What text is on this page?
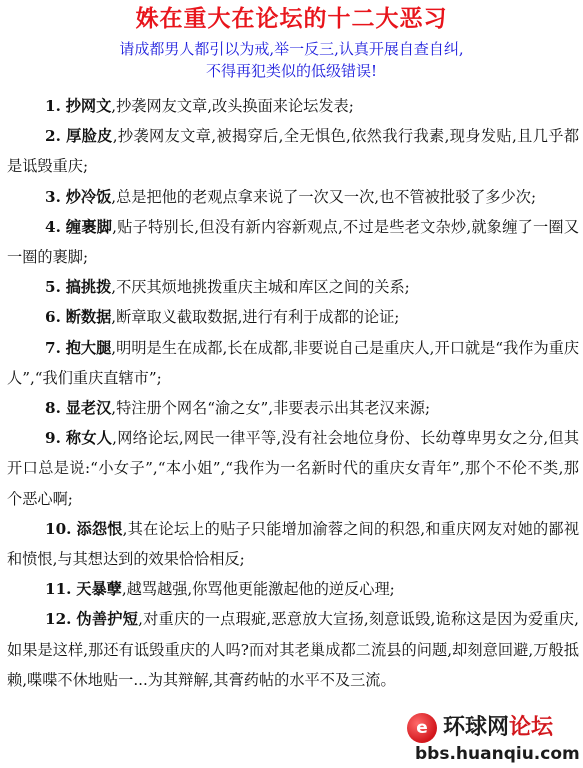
姝在重大在论坛的十二大恶习
请成都男人都引以为戒,举一反三,认真开展自查自纠,
不得再犯类似的低级错误!

1. 抄网文,抄袭网友文章,改头换面来论坛发表;

2. 厚脸皮,抄袭网友文章,被揭穿后,全无惧色,依然我行我素,现身发贴,且几乎都是诋毁重庆;

3. 炒冷饭,总是把他的老观点拿来说了一次又一次,也不管被批驳了多少次;

4. 缠裹脚,贴子特别长,但没有新内容新观点,不过是些老文杂炒,就象缠了一圈又一圈的裹脚;

5. 搞挑拨,不厌其烦地挑拨重庆主城和库区之间的关系;

6. 断数据,断章取义截取数据,进行有利于成都的论证;

7. 抱大腿,明明是生在成都,长在成都,非要说自己是重庆人,开口就是“我作为重庆人”,“我们重庆直辖市”;

8. 显老汉,特注册个网名“渝之女”,非要表示出其老汉来源;

9. 称女人,网络论坛,网民一律平等,没有社会地位身份、长幼尊卑男女之分,但其开口总是说:“小女子”,“本小姐”,“我作为一名新时代的重庆女青年”,那个不伦不类,那个恶心啊;

10. 添怨恨,其在论坛上的贴子只能增加渝蓉之间的积怨,和重庆网友对她的鄙视和愤恨,与其想达到的效果恰恰相反;

11. 天暴孽,越骂越强,你骂他更能激起他的逆反心理;

12. 伪善护短,对重庆的一点瑕疵,恶意放大宣扬,刻意诋毁,诡称这是因为爱重庆,如果是这样,那还有诋毁重庆的人吗?而对其老巢成都二流县的问题,却刻意回避,万般抵赖,喋喋不休地贴一...为其辩解,其膏药帖的水平不及三流。

e 环球网论坛
bbs.huanqiu.com
